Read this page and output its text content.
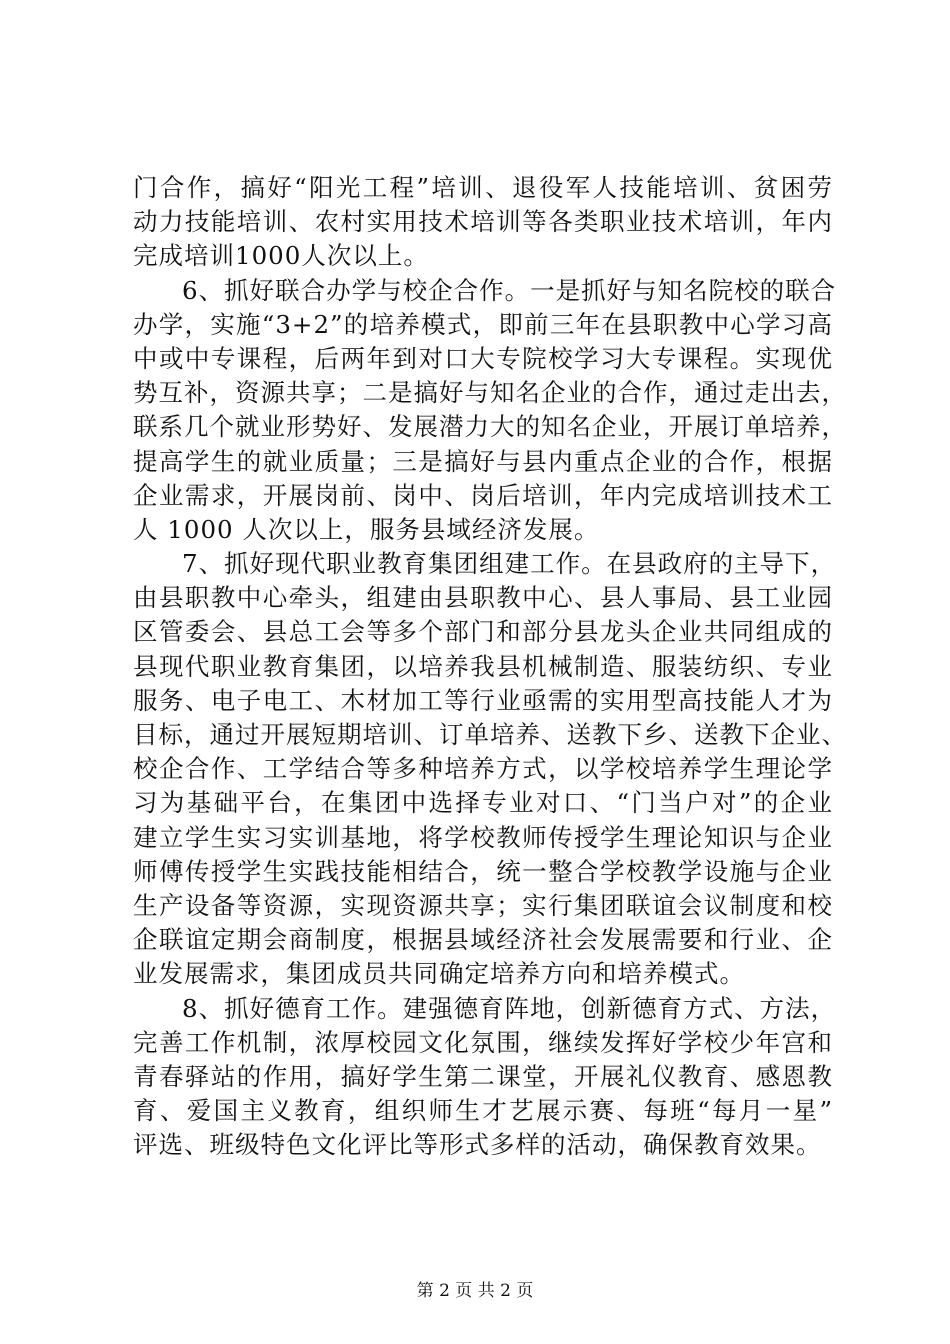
门合作，搞好“阳光工程”培训、退役军人技能培训、贫困劳
动力技能培训、农村实用技术培训等各类职业技术培训，年内
完成培训1000人次以上。
6、抓好联合办学与校企合作。一是抓好与知名院校的联合
办学，实施“3+2”的培养模式，即前三年在县职教中心学习高
中或中专课程，后两年到对口大专院校学习大专课程。实现优
势互补，资源共享；二是搞好与知名企业的合作，通过走出去，
联系几个就业形势好、发展潜力大的知名企业，开展订单培养，
提高学生的就业质量；三是搞好与县内重点企业的合作，根据
企业需求，开展岗前、岗中、岗后培训，年内完成培训技术工
人 1000 人次以上，服务县域经济发展。
7、抓好现代职业教育集团组建工作。在县政府的主导下，
由县职教中心牵头，组建由县职教中心、县人事局、县工业园
区管委会、县总工会等多个部门和部分县龙头企业共同组成的
县现代职业教育集团，以培养我县机械制造、服装纺织、专业
服务、电子电工、木材加工等行业亟需的实用型高技能人才为
目标，通过开展短期培训、订单培养、送教下乡、送教下企业、
校企合作、工学结合等多种培养方式，以学校培养学生理论学
习为基础平台，在集团中选择专业对口、“门当户对”的企业
建立学生实习实训基地，将学校教师传授学生理论知识与企业
师傅传授学生实践技能相结合，统一整合学校教学设施与企业
生产设备等资源，实现资源共享；实行集团联谊会议制度和校
企联谊定期会商制度，根据县域经济社会发展需要和行业、企
业发展需求，集团成员共同确定培养方向和培养模式。
8、抓好德育工作。建强德育阵地，创新德育方式、方法，
完善工作机制，浓厚校园文化氛围，继续发挥好学校少年宫和
青春驿站的作用，搞好学生第二课堂，开展礼仪教育、感恩教
育、爱国主义教育，组织师生才艺展示赛、每班“每月一星”
评选、班级特色文化评比等形式多样的活动，确保教育效果。
第 2 页 共 2 页
